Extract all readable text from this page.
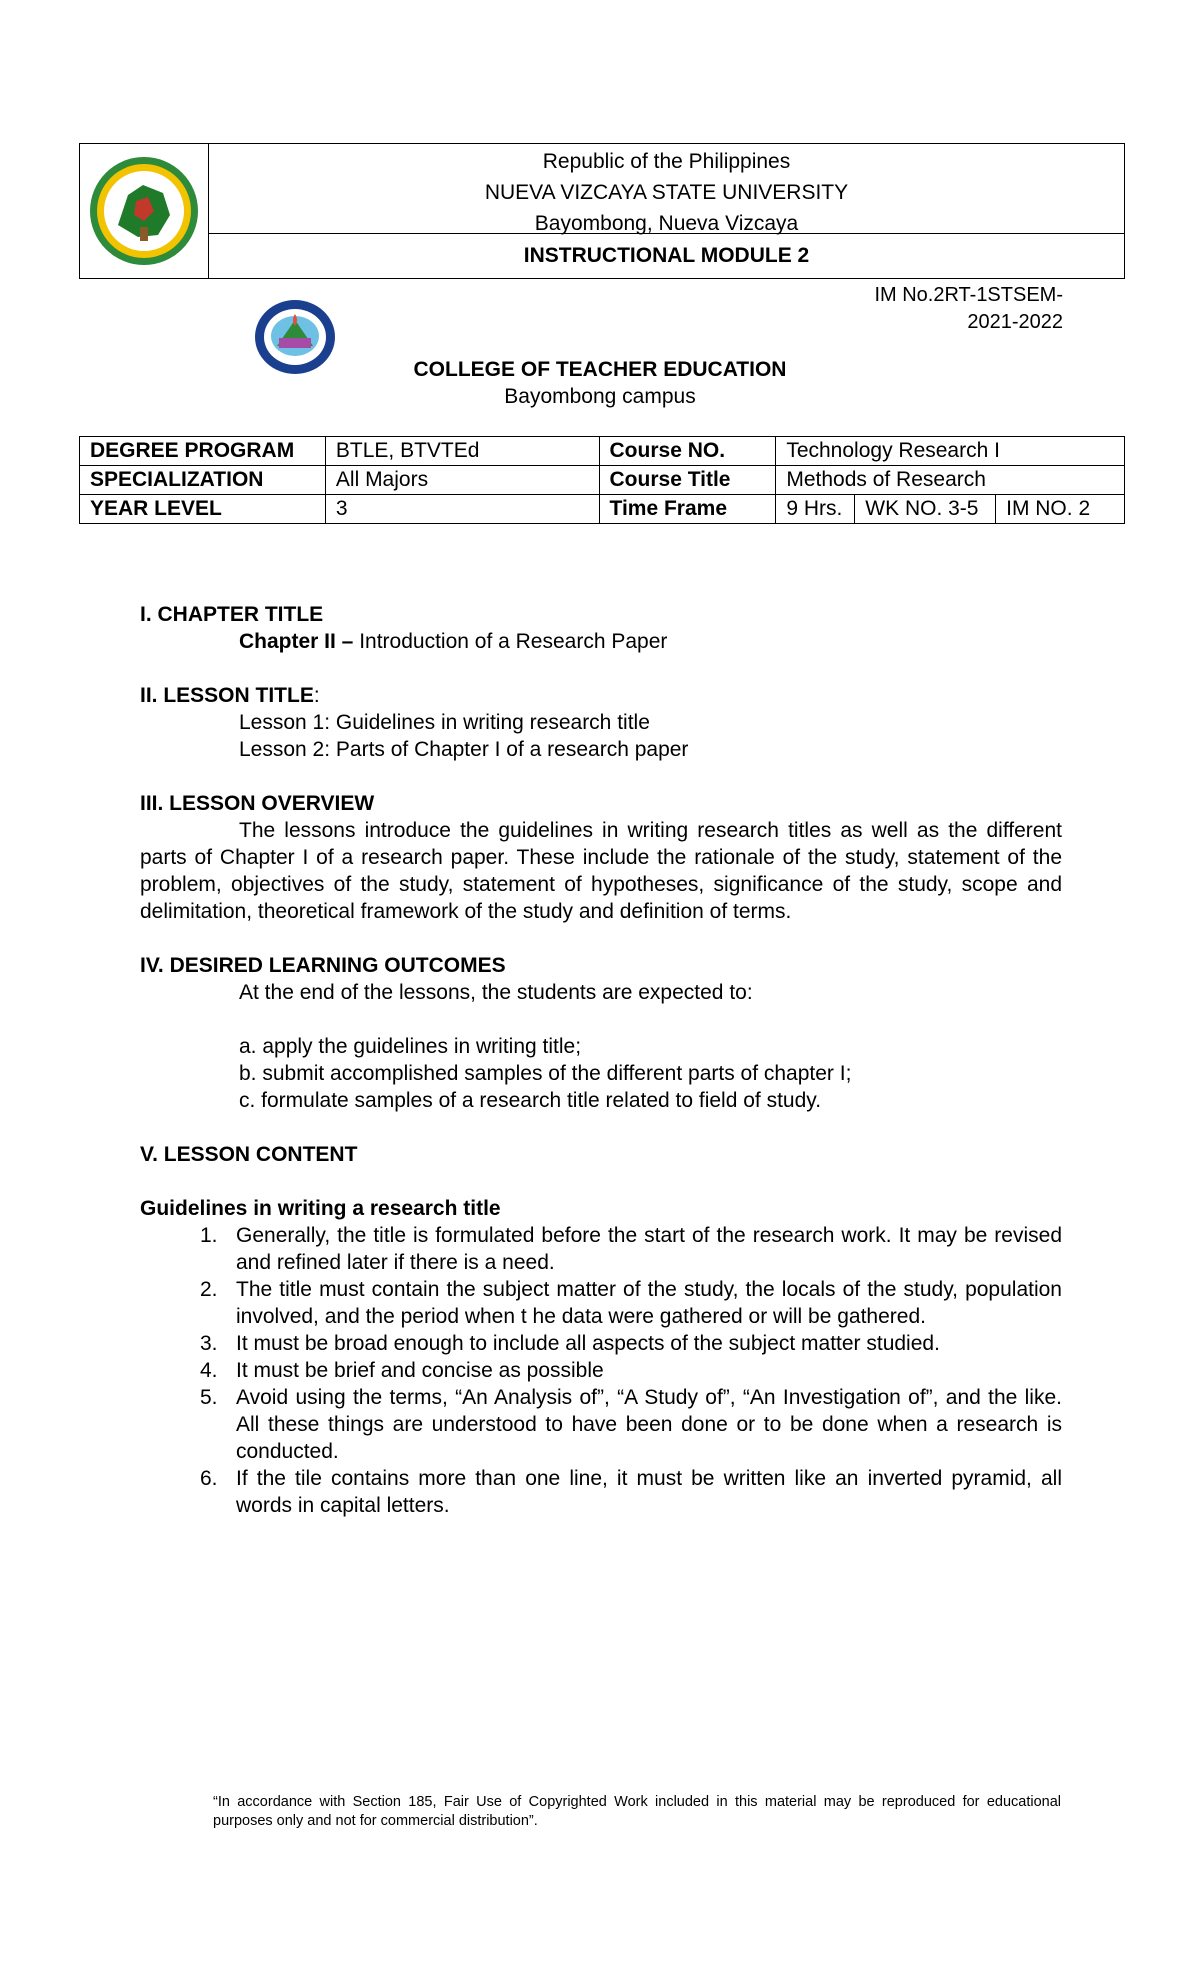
Republic of the Philippines
NUEVA VIZCAYA STATE UNIVERSITY
Bayombong, Nueva Vizcaya
INSTRUCTIONAL MODULE 2
IM No.2RT-1STSEM-
2021-2022
COLLEGE OF TEACHER EDUCATION
Bayombong campus
DEGREE PROGRAM	BTLE, BTVTEd	Course NO.	Technology Research I		
SPECIALIZATION	All Majors	Course Title	Methods of Research		
YEAR LEVEL	3	Time Frame	9 Hrs.	WK NO. 3-5	IM NO. 2

I. CHAPTER TITLE

Chapter II – Introduction of a Research Paper

II. LESSON TITLE:

Lesson 1: Guidelines in writing research title

Lesson 2: Parts of Chapter I of a research paper

III. LESSON OVERVIEW

The lessons introduce the guidelines in writing research titles as well as the different parts of Chapter I of a research paper. These include the rationale of the study, statement of the problem, objectives of the study, statement of hypotheses, significance of the study, scope and delimitation, theoretical framework of the study and definition of terms.

IV. DESIRED LEARNING OUTCOMES

At the end of the lessons, the students are expected to:

a. apply the guidelines in writing title;

b. submit accomplished samples of the different parts of chapter I;

c. formulate samples of a research title related to field of study.

V. LESSON CONTENT

Guidelines in writing a research title

1. Generally, the title is formulated before the start of the research work. It may be revised and refined later if there is a need.
2. The title must contain the subject matter of the study, the locals of the study, population involved, and the period when t he data were gathered or will be gathered.
3. It must be broad enough to include all aspects of the subject matter studied.
4. It must be brief and concise as possible
5. Avoid using the terms, “An Analysis of”, “A Study of”, “An Investigation of”, and the like. All these things are understood to have been done or to be done when a research is conducted.
6. If the tile contains more than one line, it must be written like an inverted pyramid, all words in capital letters.
“In accordance with Section 185, Fair Use of Copyrighted Work included in this material may be reproduced for educational purposes only and not for commercial distribution”.
